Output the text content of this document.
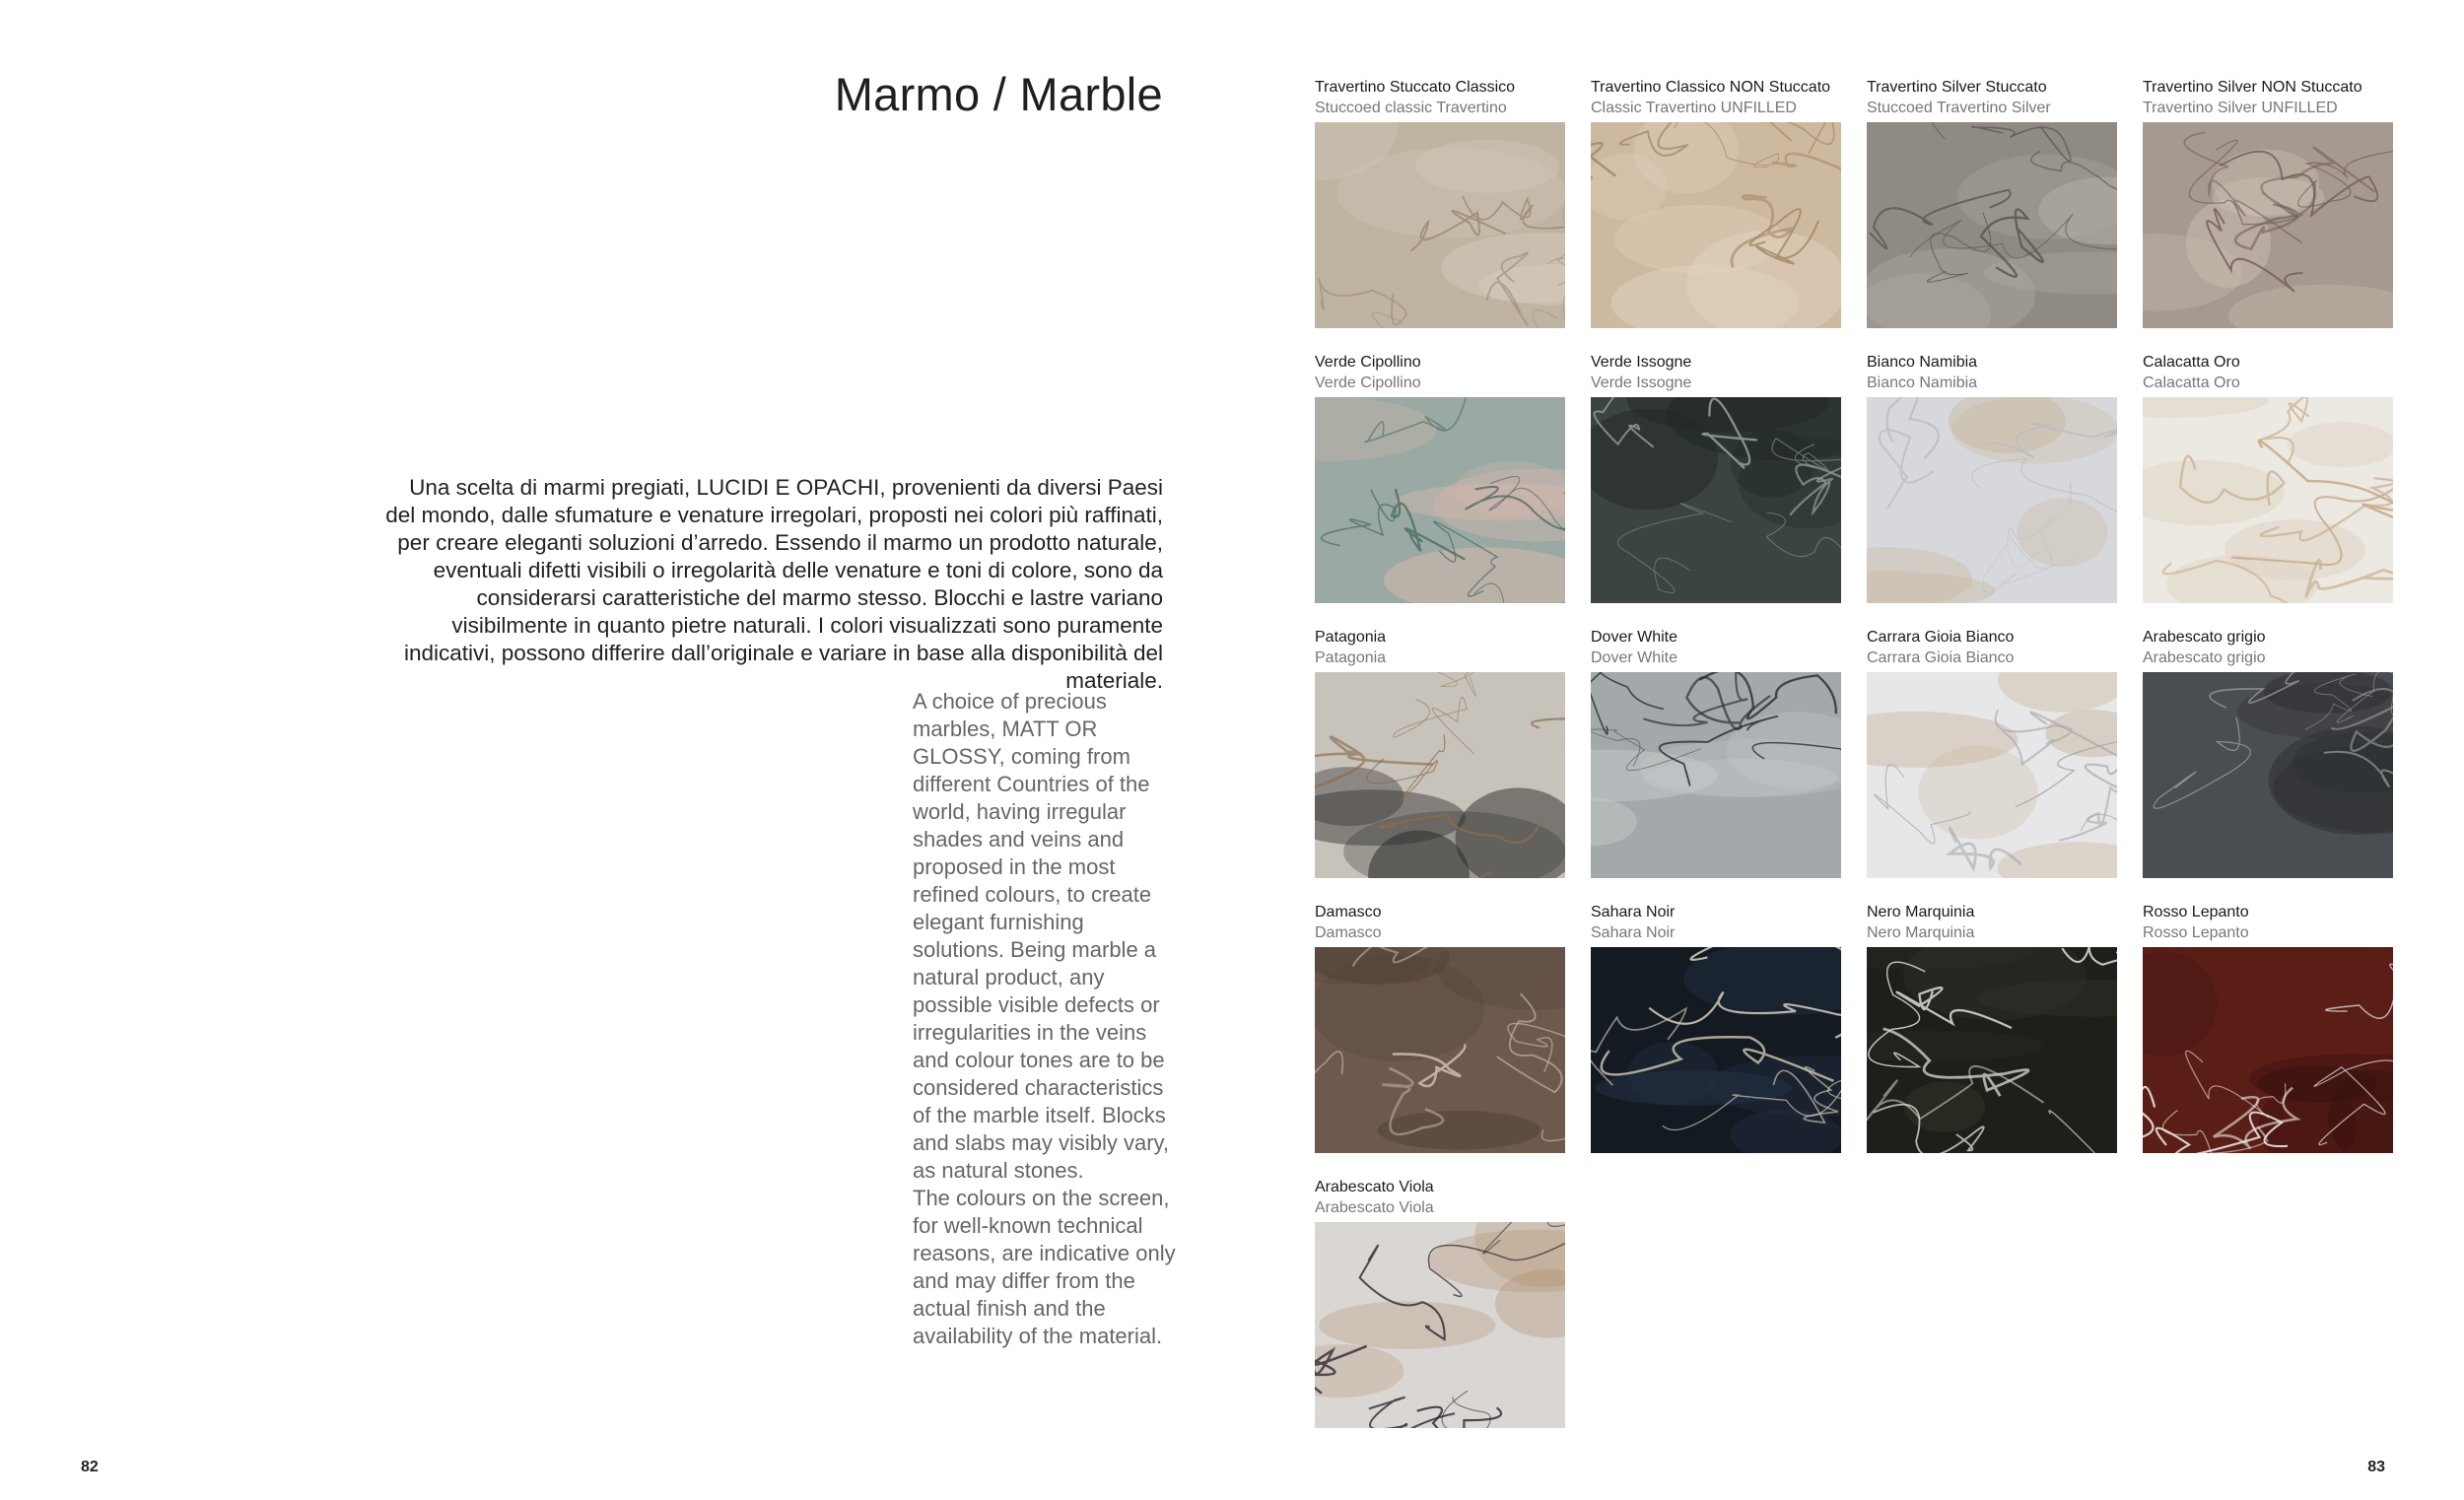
Marmo / Marble

Una scelta di marmi pregiati, LUCIDI E OPACHI, provenienti da diversi Paesi del mondo, dalle sfumature e venature irregolari, proposti nei colori più raffinati, per creare eleganti soluzioni d’arredo. Essendo il marmo un prodotto naturale, eventuali difetti visibili o irregolarità delle venature e toni di colore, sono da considerarsi caratteristiche del marmo stesso. Blocchi e lastre variano visibilmente in quanto pietre naturali. I colori visualizzati sono puramente indicativi, possono differire dall’originale e variare in base alla disponibilità del materiale.

A choice of precious marbles, MATT OR GLOSSY, coming from different Countries of the world, having irregular shades and veins and proposed in the most refined colours, to create elegant furnishing solutions. Being marble a natural product, any possible visible defects or irregularities in the veins and colour tones are to be considered characteristics of the marble itself. Blocks and slabs may visibly vary, as natural stones.

The colours on the screen, for well-known technical reasons, are indicative only and may differ from the actual finish and the availability of the material.

82
Travertino Stuccato Classico
Stuccoed classic Travertino
Travertino Classico NON Stuccato
Classic Travertino UNFILLED
Travertino Silver Stuccato
Stuccoed Travertino Silver
Travertino Silver NON Stuccato
Travertino Silver UNFILLED
Verde Cipollino
Verde Cipollino
Verde Issogne
Verde Issogne
Bianco Namibia
Bianco Namibia
Calacatta Oro
Calacatta Oro
Patagonia
Patagonia
Dover White
Dover White
Carrara Gioia Bianco
Carrara Gioia Bianco
Arabescato grigio
Arabescato grigio
Damasco
Damasco
Sahara Noir
Sahara Noir
Nero Marquinia
Nero Marquinia
Rosso Lepanto
Rosso Lepanto
Arabescato Viola
Arabescato Viola
83
